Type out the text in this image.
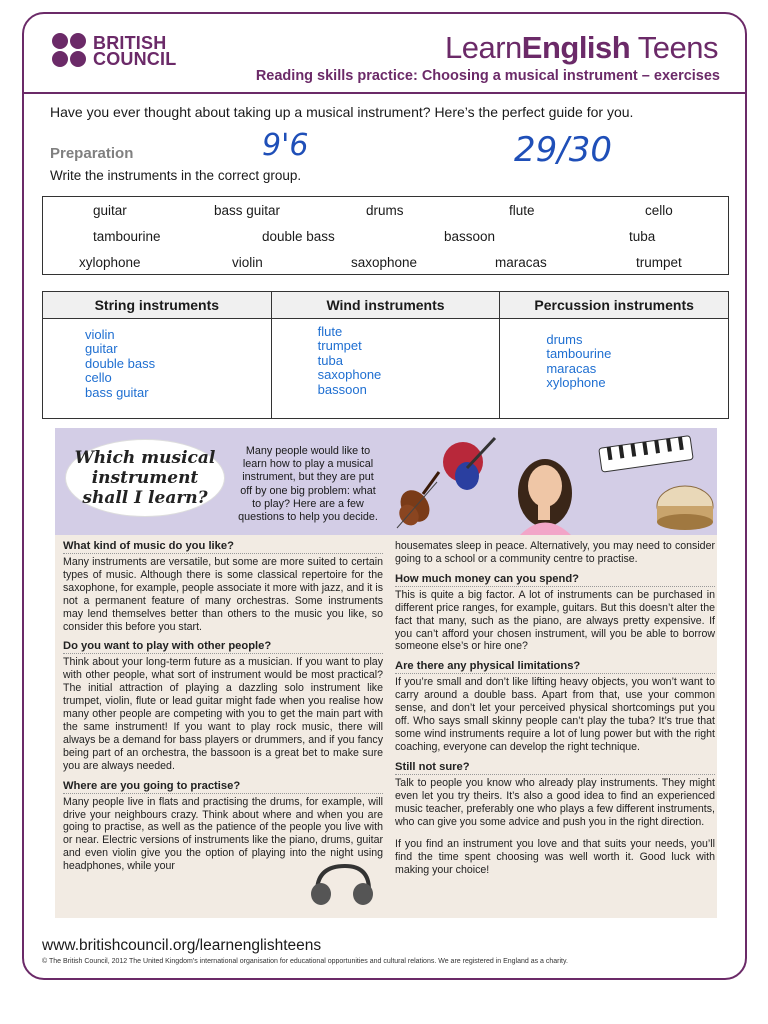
BRITISH
COUNCIL	LearnEnglish Teens
Reading skills practice: Choosing a musical instrument – exercises
Have you ever thought about taking up a musical instrument? Here’s the perfect guide for you.
Preparation
Write the instruments in the correct group.
9'6	29/30
guitar	bass guitar	drums	flute	cello
tambourine	double bass	bassoon	tuba
xylophone	violin	saxophone	maracas	trumpet
String instruments
violin
guitar
double bass
cello
bass guitar
Wind instruments
flute
trumpet
tuba
saxophone
bassoon
Percussion instruments
drums
tambourine
maracas
xylophone
Which musical
instrument
shall I learn?
Many people would like to learn how to play a musical instrument, but they are put off by one big problem: what to play? Here are a few questions to help you decide.
What kind of music do you like?
Many instruments are versatile, but some are more suited to certain types of music. Although there is some classical repertoire for the saxophone, for example, people associate it more with jazz, and it is not a permanent feature of many orchestras. Some instruments may lend themselves better than others to the music you like, so consider this before you start.
Do you want to play with other people?
Think about your long-term future as a musician. If you want to play with other people, what sort of instrument would be most practical? The initial attraction of playing a dazzling solo instrument like trumpet, violin, flute or lead guitar might fade when you realise how many other people are competing with you to get the main part with the same instrument! If you want to play rock music, there will always be a demand for bass players or drummers, and if you fancy being part of an orchestra, the bassoon is a great bet to make sure you are always needed.
Where are you going to practise?
Many people live in flats and practising the drums, for example, will drive your neighbours crazy. Think about where and when you are going to practise, as well as the patience of the people you live with or near. Electric versions of instruments like the piano, drums, guitar and even violin give you the option of playing into the night using headphones, while your
housemates sleep in peace. Alternatively, you may need to consider going to a school or a community centre to practise.
How much money can you spend?
This is quite a big factor. A lot of instruments can be purchased in different price ranges, for example, guitars. But this doesn’t alter the fact that many, such as the piano, are always pretty expensive. If you can’t afford your chosen instrument, will you be able to borrow someone else’s or hire one?
Are there any physical limitations?
If you’re small and don’t like lifting heavy objects, you won’t want to carry around a double bass. Apart from that, use your common sense, and don’t let your perceived physical shortcomings put you off. Who says small skinny people can’t play the tuba? It’s true that some wind instruments require a lot of lung power but with the right coaching, everyone can develop the right technique.
Still not sure?
Talk to people you know who already play instruments. They might even let you try theirs. It’s also a good idea to find an experienced music teacher, preferably one who plays a few different instruments, who can give you some advice and push you in the right direction.
If you find an instrument you love and that suits your needs, you’ll find the time spent choosing was well worth it. Good luck with making your choice!
www.britishcouncil.org/learnenglishteens
© The British Council, 2012 The United Kingdom’s international organisation for educational opportunities and cultural relations. We are registered in England as a charity.
